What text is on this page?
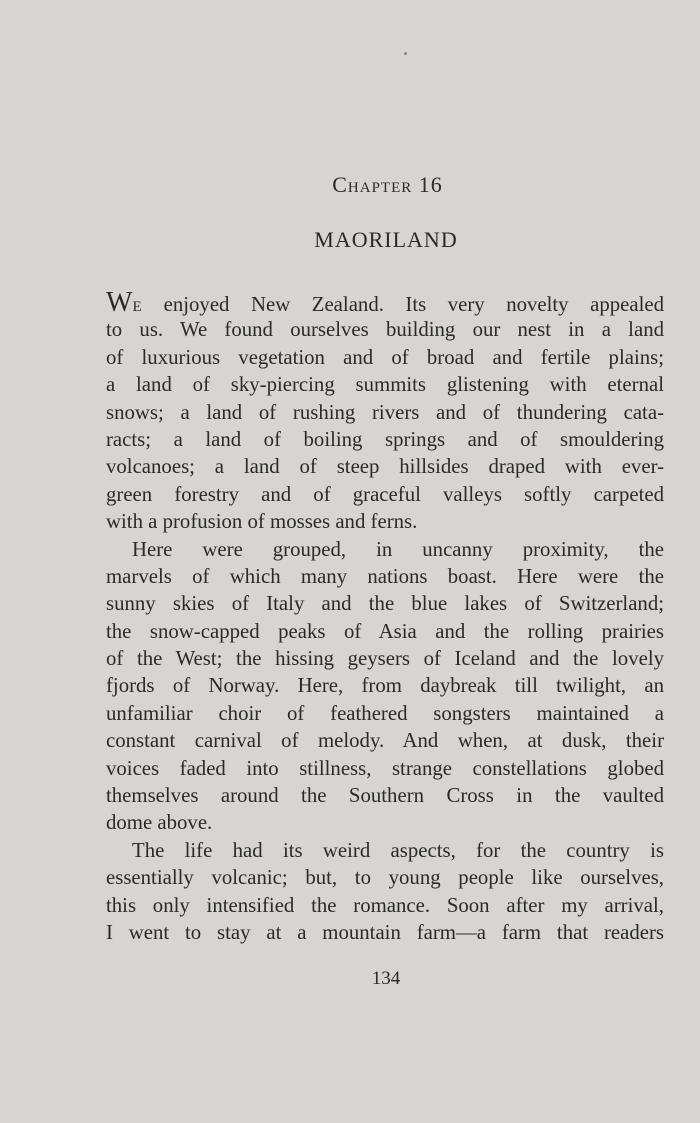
Chapter 16
MAORILAND
WE enjoyed New Zealand. Its very novelty appealed
to us. We found ourselves building our nest in a land
of luxurious vegetation and of broad and fertile plains;
a land of sky-piercing summits glistening with eternal
snows; a land of rushing rivers and of thundering cata-
racts; a land of boiling springs and of smouldering
volcanoes; a land of steep hillsides draped with ever-
green forestry and of graceful valleys softly carpeted
with a profusion of mosses and ferns.
Here were grouped, in uncanny proximity, the
marvels of which many nations boast. Here were the
sunny skies of Italy and the blue lakes of Switzerland;
the snow-capped peaks of Asia and the rolling prairies
of the West; the hissing geysers of Iceland and the lovely
fjords of Norway. Here, from daybreak till twilight, an
unfamiliar choir of feathered songsters maintained a
constant carnival of melody. And when, at dusk, their
voices faded into stillness, strange constellations globed
themselves around the Southern Cross in the vaulted
dome above.
The life had its weird aspects, for the country is
essentially volcanic; but, to young people like ourselves,
this only intensified the romance. Soon after my arrival,
I went to stay at a mountain farm—a farm that readers
134
